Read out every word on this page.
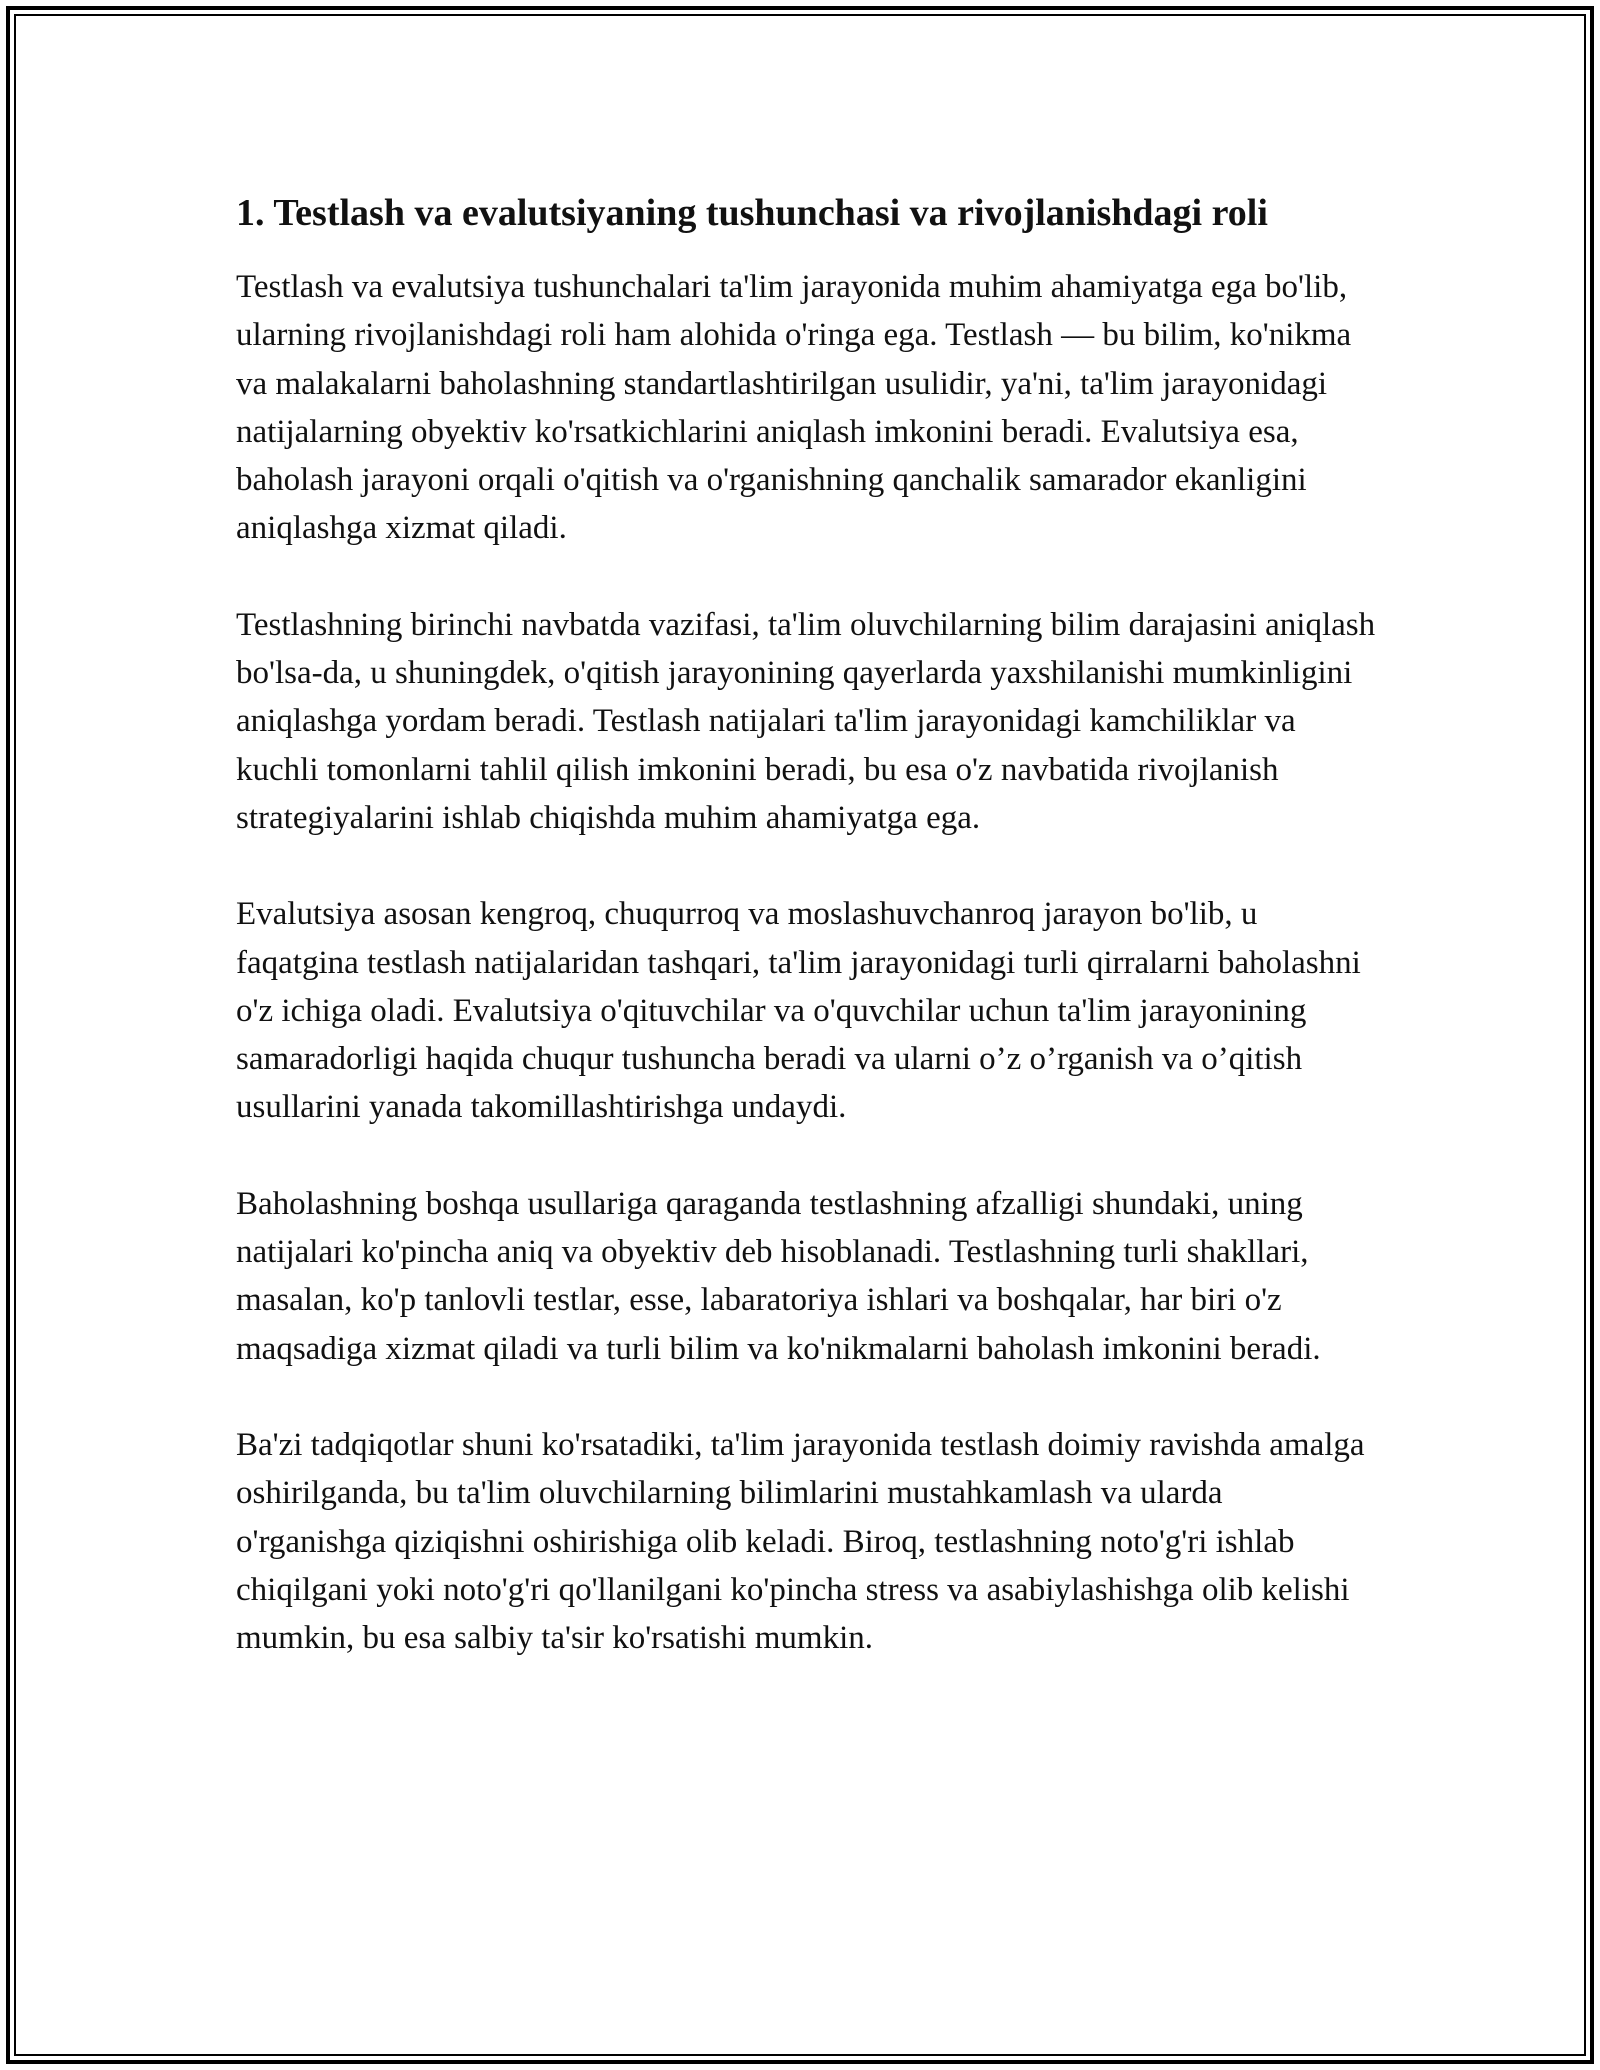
1. Testlash va evalutsiyaning tushunchasi va rivojlanishdagi roli

Testlash va evalutsiya tushunchalari ta'lim jarayonida muhim ahamiyatga ega bo'lib, ularning rivojlanishdagi roli ham alohida o'ringa ega. Testlash — bu bilim, ko'nikma va malakalarni baholashning standartlashtirilgan usulidir, ya'ni, ta'lim jarayonidagi natijalarning obyektiv ko'rsatkichlarini aniqlash imkonini beradi. Evalutsiya esa, baholash jarayoni orqali o'qitish va o'rganishning qanchalik samarador ekanligini aniqlashga xizmat qiladi.

Testlashning birinchi navbatda vazifasi, ta'lim oluvchilarning bilim darajasini aniqlash bo'lsa-da, u shuningdek, o'qitish jarayonining qayerlarda yaxshilanishi mumkinligini aniqlashga yordam beradi. Testlash natijalari ta'lim jarayonidagi kamchiliklar va kuchli tomonlarni tahlil qilish imkonini beradi, bu esa o'z navbatida rivojlanish strategiyalarini ishlab chiqishda muhim ahamiyatga ega.

Evalutsiya asosan kengroq, chuqurroq va moslashuvchanroq jarayon bo'lib, u faqatgina testlash natijalaridan tashqari, ta'lim jarayonidagi turli qirralarni baholashni o'z ichiga oladi. Evalutsiya o'qituvchilar va o'quvchilar uchun ta'lim jarayonining samaradorligi haqida chuqur tushuncha beradi va ularni o’z o’rganish va o’qitish usullarini yanada takomillashtirishga undaydi.

Baholashning boshqa usullariga qaraganda testlashning afzalligi shundaki, uning natijalari ko'pincha aniq va obyektiv deb hisoblanadi. Testlashning turli shakllari, masalan, ko'p tanlovli testlar, esse, labaratoriya ishlari va boshqalar, har biri o'z maqsadiga xizmat qiladi va turli bilim va ko'nikmalarni baholash imkonini beradi.

Ba'zi tadqiqotlar shuni ko'rsatadiki, ta'lim jarayonida testlash doimiy ravishda amalga oshirilganda, bu ta'lim oluvchilarning bilimlarini mustahkamlash va ularda o'rganishga qiziqishni oshirishiga olib keladi. Biroq, testlashning noto'g'ri ishlab chiqilgani yoki noto'g'ri qo'llanilgani ko'pincha stress va asabiylashishga olib kelishi mumkin, bu esa salbiy ta'sir ko'rsatishi mumkin.
